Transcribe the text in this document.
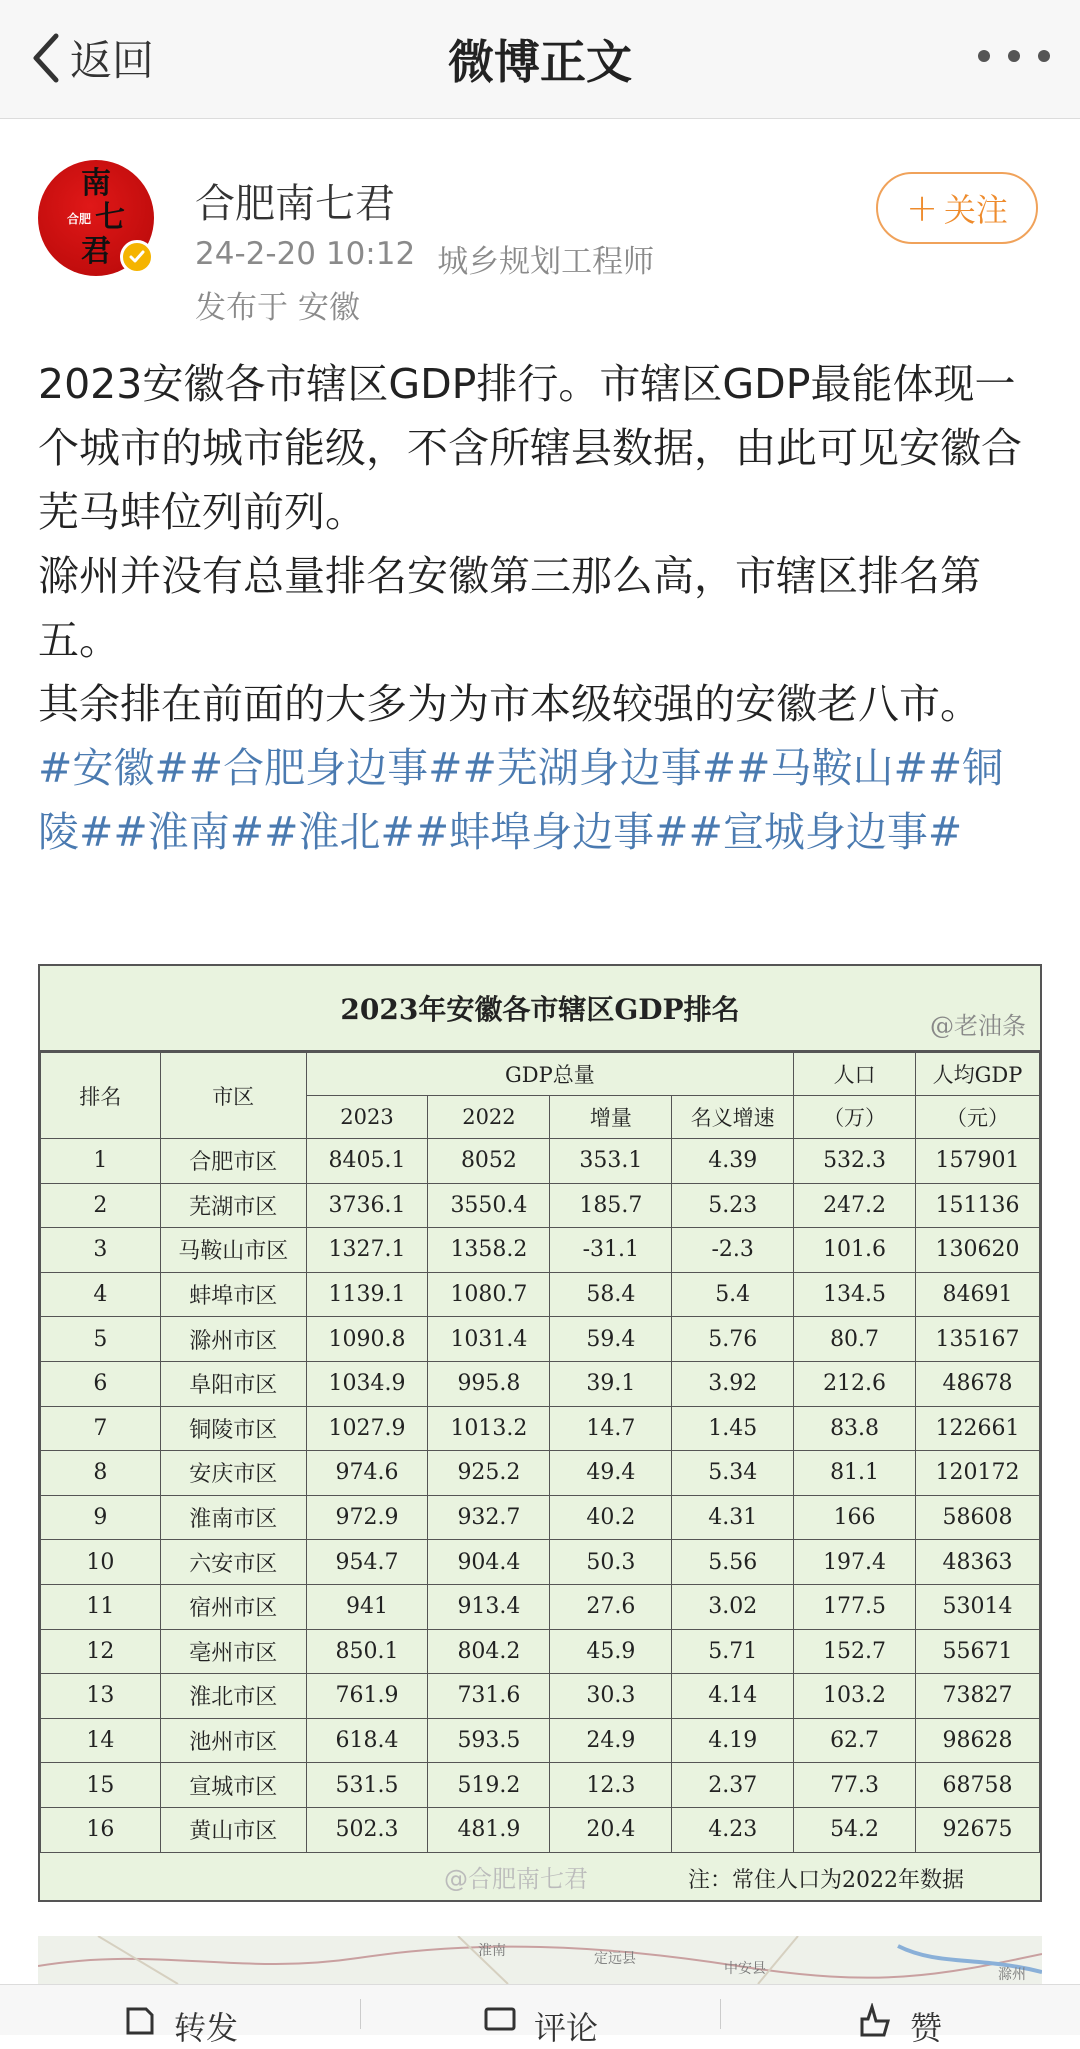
返回	微博正文
南
合肥 七
君
合肥南七君
24-2-20 10:12 城乡规划工程师
发布于 安徽
+ 关注

2023安徽各市辖区GDP排行。市辖区GDP最能体现一个城市的城市能级，不含所辖县数据，由此可见安徽合芜马蚌位列前列。

滁州并没有总量排名安徽第三那么高，市辖区排名第五。

其余排在前面的大多为为市本级较强的安徽老八市。

#安徽##合肥身边事##芜湖身边事##马鞍山##铜陵##淮南##淮北##蚌埠身边事##宣城身边事#

2023年安徽各市辖区GDP排名	@老油条
排名	市区	GDP总量				人口	人均GDP
		2023	2022	增量	名义增速	（万）	（元）
1	合肥市区	8405.1	8052	353.1	4.39	532.3	157901
2	芜湖市区	3736.1	3550.4	185.7	5.23	247.2	151136
3	马鞍山市区	1327.1	1358.2	-31.1	-2.3	101.6	130620
4	蚌埠市区	1139.1	1080.7	58.4	5.4	134.5	84691
5	滁州市区	1090.8	1031.4	59.4	5.76	80.7	135167
6	阜阳市区	1034.9	995.8	39.1	3.92	212.6	48678
7	铜陵市区	1027.9	1013.2	14.7	1.45	83.8	122661
8	安庆市区	974.6	925.2	49.4	5.34	81.1	120172
9	淮南市区	972.9	932.7	40.2	4.31	166	58608
10	六安市区	954.7	904.4	50.3	5.56	197.4	48363
11	宿州市区	941	913.4	27.6	3.02	177.5	53014
12	亳州市区	850.1	804.2	45.9	5.71	152.7	55671
13	淮北市区	761.9	731.6	30.3	4.14	103.2	73827
14	池州市区	618.4	593.5	24.9	4.19	62.7	98628
15	宣城市区	531.5	519.2	12.3	2.37	77.3	68758
16	黄山市区	502.3	481.9	20.4	4.23	54.2	92675
@合肥南七君	注：常住人口为2022年数据
淮南	定远县
中安县	滁州
转发	评论	赞
